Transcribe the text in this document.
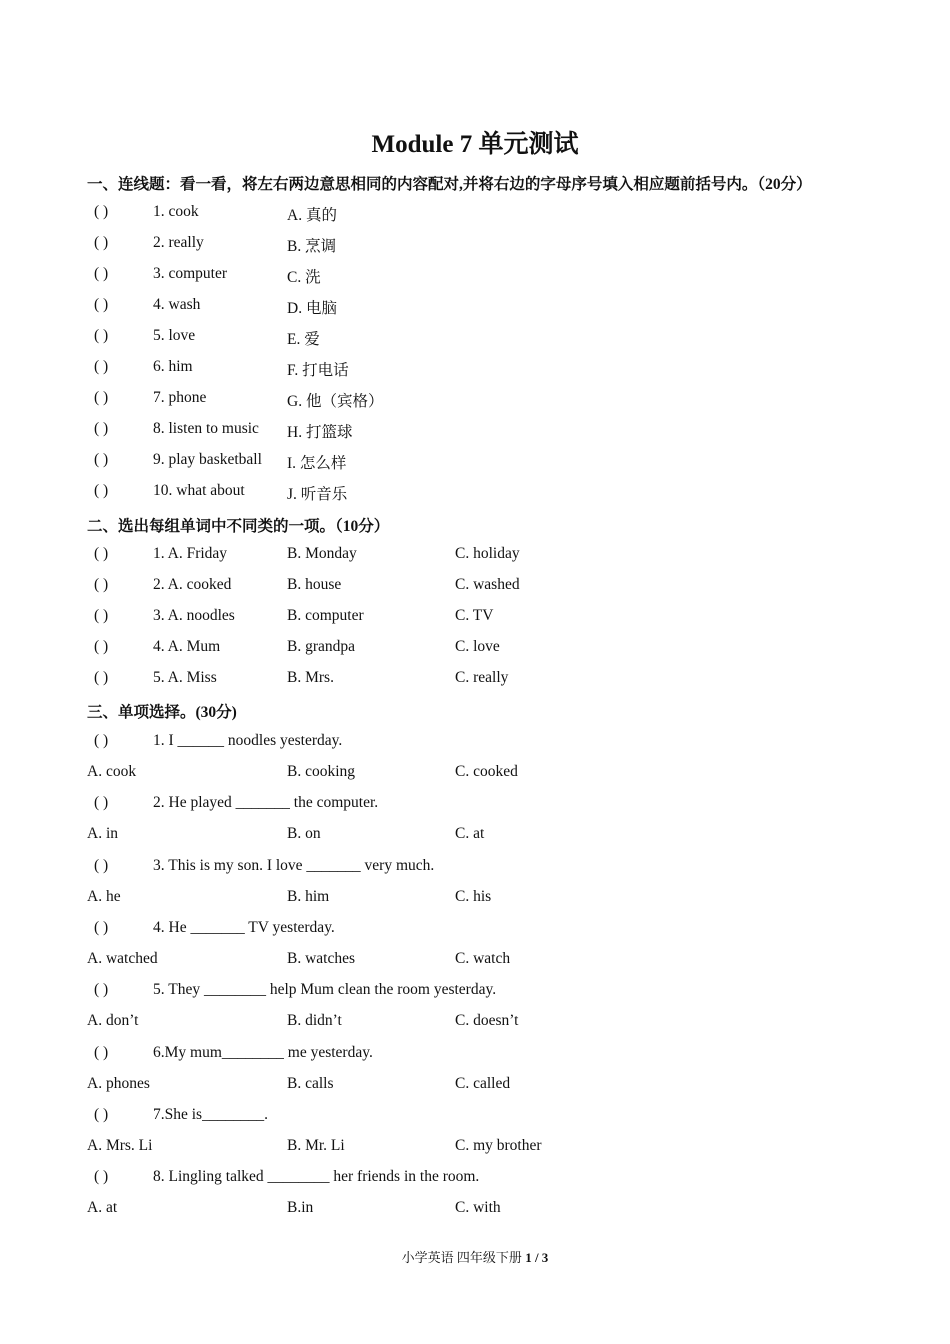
Module 7 单元测试
一、连线题：看一看，将左右两边意思相同的内容配对,并将右边的字母序号填入相应题前括号内。（20分）
( )	1. cook	A. 真的
( )	2. really	B. 烹调
( )	3. computer	C. 洗
( )	4. wash	D. 电脑
( )	5. love	E. 爱
( )	6. him	F. 打电话
( )	7. phone	G. 他（宾格）
( )	8. listen to music H. 打篮球
( )	9. play basketball I. 怎么样
( )	10. what about	J. 听音乐
二、选出每组单词中不同类的一项。（10分）
( )	1. A. Friday	B. Monday	C. holiday
( )	2. A. cooked	B. house	C. washed
( )	3. A. noodles	B. computer	C. TV
( )	4. A. Mum	B. grandpa	C. love
( )	5. A. Miss	B. Mrs.	C. really
三、单项选择。(30分)
( )	1. I ______ noodles yesterday.
A. cook	B. cooking	C. cooked
( )	2. He played _______ the computer.
A. in	B. on	C. at
( )	3. This is my son. I love _______ very much.
A. he	B. him	C. his
( )	4. He _______ TV yesterday.
A. watched	B. watches	C. watch
( )	5. They ________ help Mum clean the room yesterday.
A. don’t	B. didn’t	C. doesn’t
( )	6.My mum________ me yesterday.
A. phones	B. calls	C. called
( )	7.She is________.
A. Mrs. Li	B. Mr. Li	C. my brother
( )	8. Lingling talked ________ her friends in the room.
A. at	B.in	C. with
小学英语 四年级下册 1 / 3
